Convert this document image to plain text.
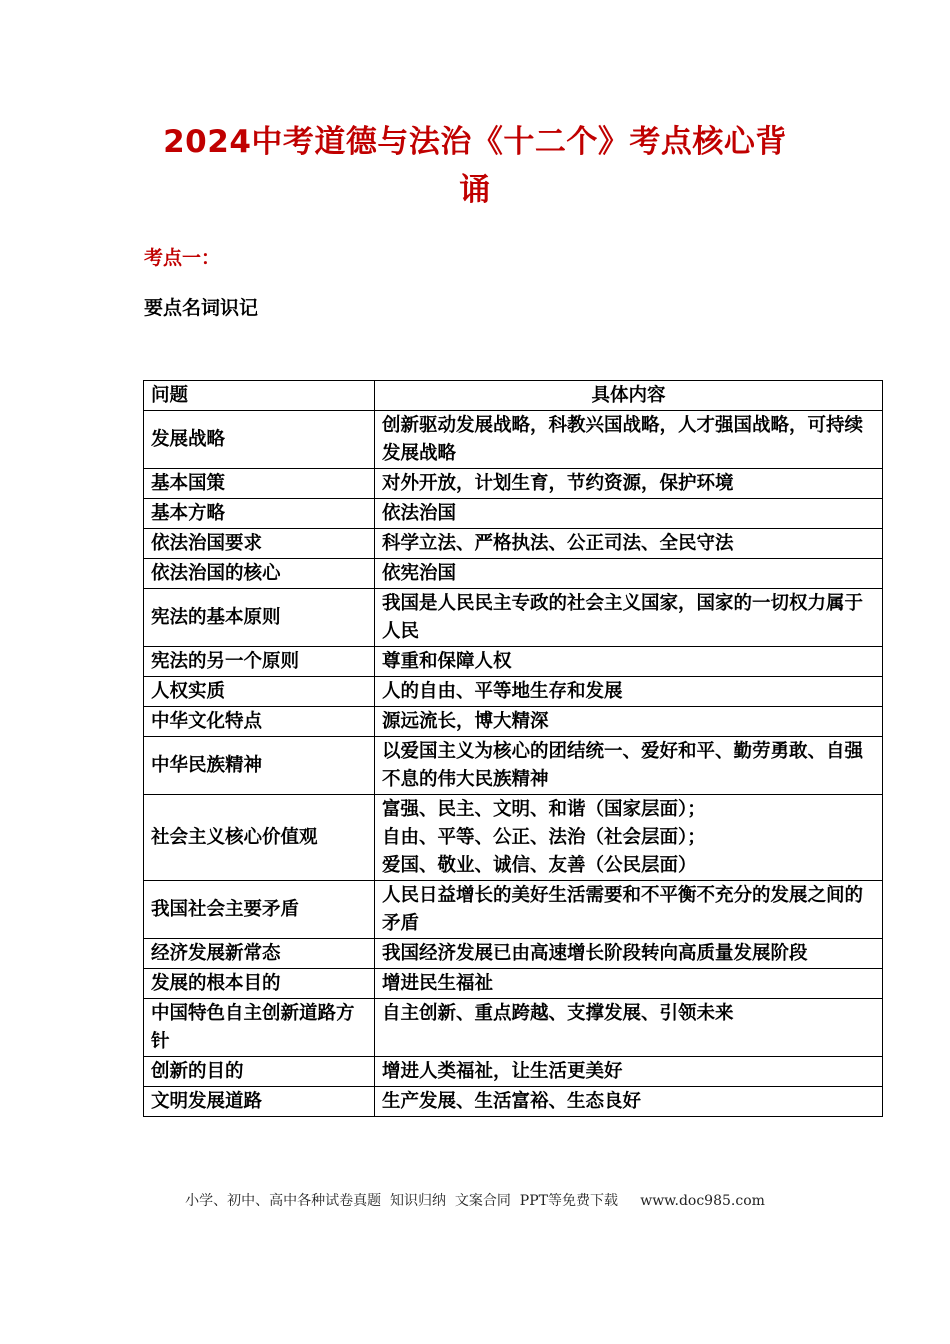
2024中考道德与法治《十二个》考点核心背
诵
考点一：
要点名词识记
问题	具体内容
发展战略	创新驱动发展战略，科教兴国战略，人才强国战略，可持续发展战略

基本国策	对外开放，计划生育，节约资源，保护环境

基本方略	依法治国

依法治国要求	科学立法、严格执法、公正司法、全民守法

依法治国的核心	依宪治国

宪法的基本原则	我国是人民民主专政的社会主义国家，国家的一切权力属于人民

宪法的另一个原则	尊重和保障人权

人权实质	人的自由、平等地生存和发展

中华文化特点	源远流长，博大精深

中华民族精神	以爱国主义为核心的团结统一、爱好和平、勤劳勇敢、自强不息的伟大民族精神

社会主义核心价值观	富强、民主、文明、和谐（国家层面）；
自由、平等、公正、法治（社会层面）；
爱国、敬业、诚信、友善（公民层面）

我国社会主要矛盾	人民日益增长的美好生活需要和不平衡不充分的发展之间的矛盾

经济发展新常态	我国经济发展已由高速增长阶段转向高质量发展阶段

发展的根本目的	增进民生福祉

中国特色自主创新道路方针	自主创新、重点跨越、支撑发展、引领未来

创新的目的	增进人类福祉，让生活更美好

文明发展道路	生产发展、生活富裕、生态良好
小学、初中、高中各种试卷真题  知识归纳  文案合同  PPT等免费下载     www.doc985.com
